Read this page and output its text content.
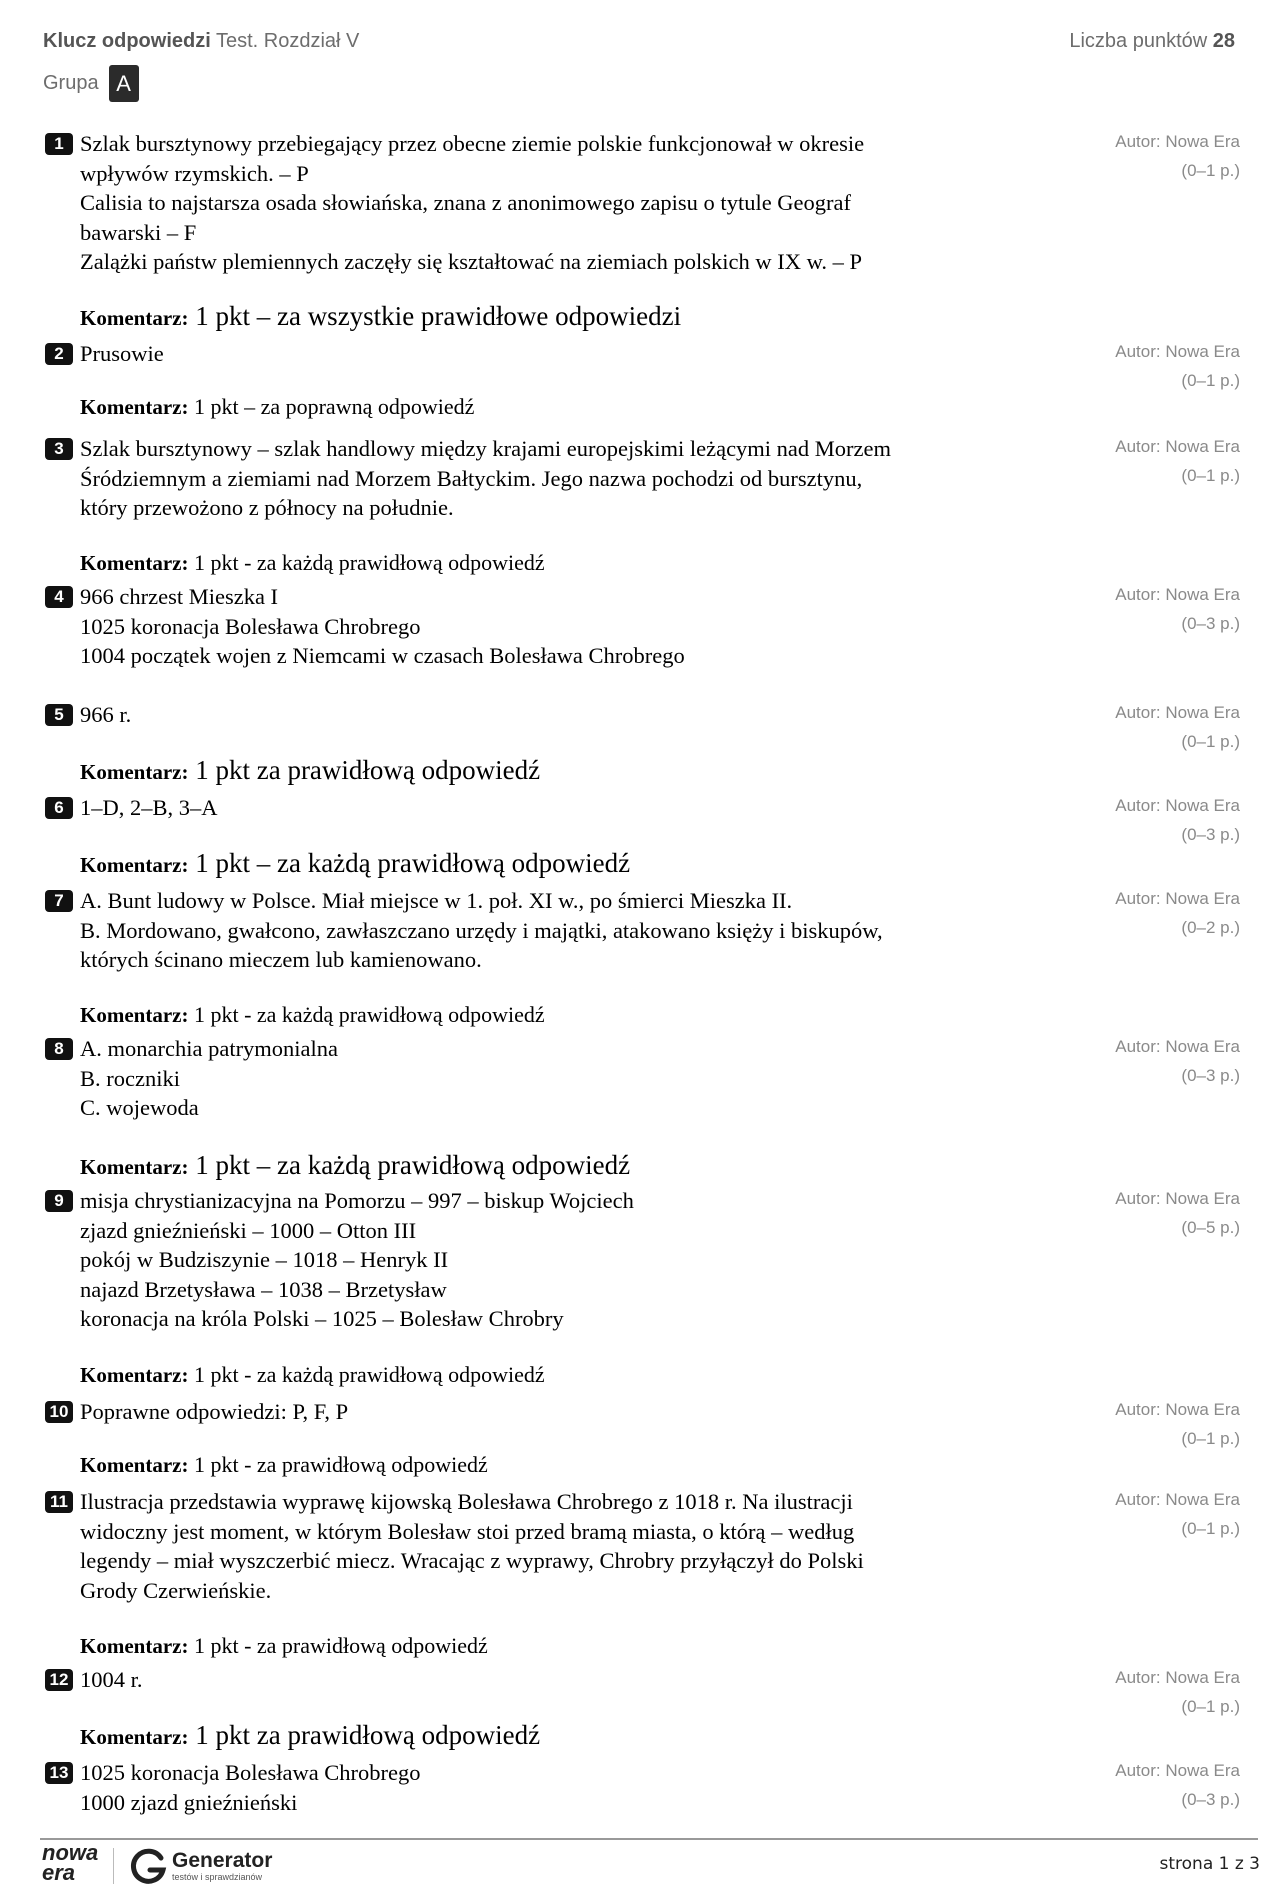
Klucz odpowiedzi Test. Rozdział V	Liczba punktów 28
Grupa A
1 Szlak bursztynowy przebiegający przez obecne ziemie polskie funkcjonował w okresie
wpływów rzymskich. – P
Calisia to najstarsza osada słowiańska, znana z anonimowego zapisu o tytule Geograf
bawarski – F
Zalążki państw plemiennych zaczęły się kształtować na ziemiach polskich w IX w. – P
Autor: Nowa Era
(0–1 p.)
Komentarz: 1 pkt – za wszystkie prawidłowe odpowiedzi
2 Prusowie	Autor: Nowa Era
(0–1 p.)
Komentarz: 1 pkt – za poprawną odpowiedź
3 Szlak bursztynowy – szlak handlowy między krajami europejskimi leżącymi nad Morzem
Śródziemnym a ziemiami nad Morzem Bałtyckim. Jego nazwa pochodzi od bursztynu,
który przewożono z północy na południe.
Autor: Nowa Era
(0–1 p.)
Komentarz: 1 pkt - za każdą prawidłową odpowiedź
4 966 chrzest Mieszka I
1025 koronacja Bolesława Chrobrego
1004 początek wojen z Niemcami w czasach Bolesława Chrobrego
Autor: Nowa Era
(0–3 p.)
5 966 r.	Autor: Nowa Era
(0–1 p.)
Komentarz: 1 pkt za prawidłową odpowiedź
6 1–D, 2–B, 3–A	Autor: Nowa Era
(0–3 p.)
Komentarz: 1 pkt – za każdą prawidłową odpowiedź
7 A. Bunt ludowy w Polsce. Miał miejsce w 1. poł. XI w., po śmierci Mieszka II.
B. Mordowano, gwałcono, zawłaszczano urzędy i majątki, atakowano księży i biskupów,
których ścinano mieczem lub kamienowano.
Autor: Nowa Era
(0–2 p.)
Komentarz: 1 pkt - za każdą prawidłową odpowiedź
8 A. monarchia patrymonialna
B. roczniki
C. wojewoda
Autor: Nowa Era
(0–3 p.)
Komentarz: 1 pkt – za każdą prawidłową odpowiedź
9 misja chrystianizacyjna na Pomorzu – 997 – biskup Wojciech
zjazd gnieźnieński – 1000 – Otton III
pokój w Budziszynie – 1018 – Henryk II
najazd Brzetysława – 1038 – Brzetysław
koronacja na króla Polski – 1025 – Bolesław Chrobry
Autor: Nowa Era
(0–5 p.)
Komentarz: 1 pkt - za każdą prawidłową odpowiedź
10 Poprawne odpowiedzi: P, F, P	Autor: Nowa Era
(0–1 p.)
Komentarz: 1 pkt - za prawidłową odpowiedź
11 Ilustracja przedstawia wyprawę kijowską Bolesława Chrobrego z 1018 r. Na ilustracji
widoczny jest moment, w którym Bolesław stoi przed bramą miasta, o którą – według
legendy – miał wyszczerbić miecz. Wracając z wyprawy, Chrobry przyłączył do Polski
Grody Czerwieńskie.
Autor: Nowa Era
(0–1 p.)
Komentarz: 1 pkt - za prawidłową odpowiedź
12 1004 r.	Autor: Nowa Era
(0–1 p.)
Komentarz: 1 pkt za prawidłową odpowiedź
13 1025 koronacja Bolesława Chrobrego
1000 zjazd gnieźnieński
Autor: Nowa Era
(0–3 p.)
nowa
era	Generator
testów i sprawdzianów
strona 1 z 3
